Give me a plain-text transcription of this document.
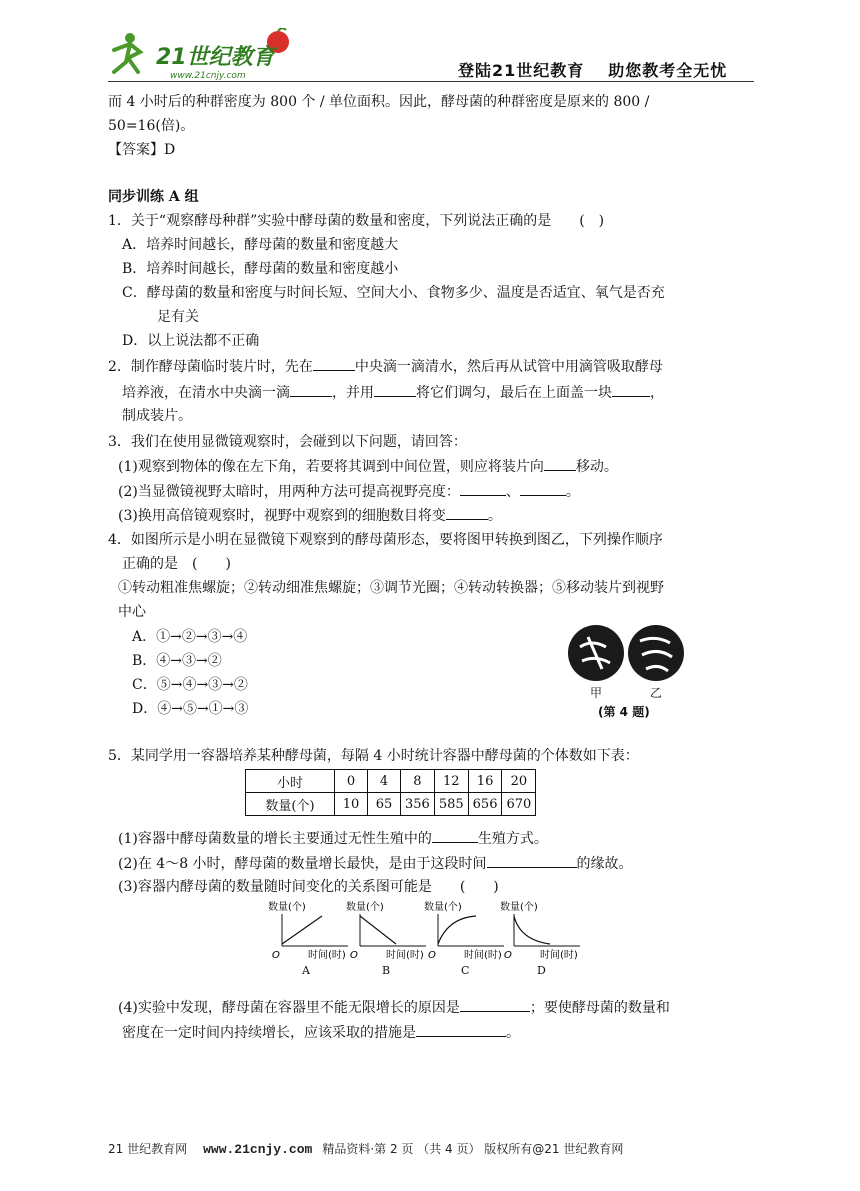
21世纪教育
www.21cnjy.com	登陆21世纪教育 助您教考全无忧
而 4 小时后的种群密度为 800 个 / 单位面积。因此，酵母菌的种群密度是原来的 800 /
50=16(倍)。
【答案】D
同步训练 A 组
1．关于“观察酵母种群”实验中酵母菌的数量和密度，下列说法正确的是　　(　)
A．培养时间越长，酵母菌的数量和密度越大
B．培养时间越长，酵母菌的数量和密度越小
C．酵母菌的数量和密度与时间长短、空间大小、食物多少、温度是否适宜、氧气是否充
足有关
D．以上说法都不正确
2．制作酵母菌临时装片时，先在	中央滴一滴清水，然后再从试管中用滴管吸取酵母
培养液，在清水中央滴一滴	，并用	将它们调匀，最后在上面盖一块	，
制成装片。
3．我们在使用显微镜观察时，会碰到以下问题，请回答：
(1)观察到物体的像在左下角，若要将其调到中间位置，则应将装片向 移动。
(2)当显微镜视野太暗时，用两种方法可提高视野亮度：	、	。
(3)换用高倍镜观察时，视野中观察到的细胞数目将变	。
4．如图所示是小明在显微镜下观察到的酵母菌形态，要将图甲转换到图乙，下列操作顺序
正确的是　(　　)
①转动粗准焦螺旋；②转动细准焦螺旋；③调节光圈；④转动转换器；⑤移动装片到视野
中心
A．①→②→③→④
B．④→③→②
C．⑤→④→③→②
D．④→⑤→①→③
甲	乙
(第 4 题)
5．某同学用一容器培养某种酵母菌，每隔 4 小时统计容器中酵母菌的个体数如下表：
小时	0	4	8	12	16	20
数量(个)	10	65	356	585	656	670
(1)容器中酵母菌数量的增长主要通过无性生殖中的	生殖方式。
(2)在 4～8 小时，酵母菌的数量增长最快，是由于这段时间	的缘故。
(3)容器内酵母菌的数量随时间变化的关系图可能是　　(　　)
数量(个)
O	时间(时)
数量(个)
O	时间(时)
数量(个)
O	时间(时)
数量(个)
O	时间(时)
A	B	C	D
(4)实验中发现，酵母菌在容器里不能无限增长的原因是	；要使酵母菌的数量和
密度在一定时间内持续增长，应该采取的措施是	。
21 世纪教育网 www.21cnjy.com 精品资料·第 2 页 （共 4 页） 版权所有@21 世纪教育网
